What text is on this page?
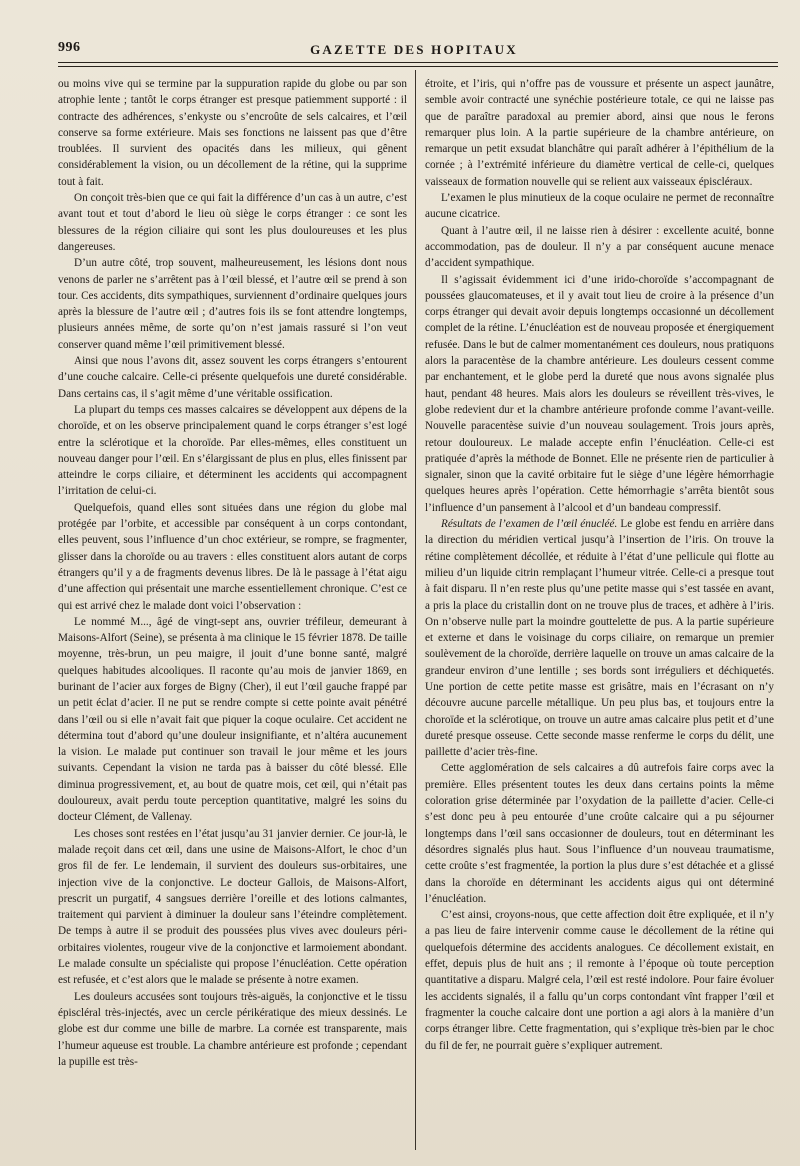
996	GAZETTE DES HOPITAUX

ou moins vive qui se termine par la suppuration rapide du globe ou par son atrophie lente ; tantôt le corps étranger est presque patiemment supporté : il contracte des adhérences, s’enkyste ou s’encroûte de sels calcaires, et l’œil conserve sa forme extérieure. Mais ses fonctions ne laissent pas que d’être troublées. Il survient des opacités dans les milieux, qui gênent considérablement la vision, ou un décollement de la rétine, qui la supprime tout à fait.

On conçoit très-bien que ce qui fait la différence d’un cas à un autre, c’est avant tout et tout d’abord le lieu où siège le corps étranger : ce sont les blessures de la région ciliaire qui sont les plus douloureuses et les plus dangereuses.

D’un autre côté, trop souvent, malheureusement, les lésions dont nous venons de parler ne s’arrêtent pas à l’œil blessé, et l’autre œil se prend à son tour. Ces accidents, dits sympathiques, surviennent d’ordinaire quelques jours après la blessure de l’autre œil ; d’autres fois ils se font attendre longtemps, plusieurs années même, de sorte qu’on n’est jamais rassuré si l’on veut conserver quand même l’œil primitivement blessé.

Ainsi que nous l’avons dit, assez souvent les corps étrangers s’entourent d’une couche calcaire. Celle-ci présente quelquefois une dureté considérable. Dans certains cas, il s’agit même d’une véritable ossification.

La plupart du temps ces masses calcaires se développent aux dépens de la choroïde, et on les observe principalement quand le corps étranger s’est logé entre la sclérotique et la choroïde. Par elles-mêmes, elles constituent un nouveau danger pour l’œil. En s’élargissant de plus en plus, elles finissent par atteindre le corps ciliaire, et déterminent les accidents qui accompagnent l’irritation de celui-ci.

Quelquefois, quand elles sont situées dans une région du globe mal protégée par l’orbite, et accessible par conséquent à un corps contondant, elles peuvent, sous l’influence d’un choc extérieur, se rompre, se fragmenter, glisser dans la choroïde ou au travers : elles constituent alors autant de corps étrangers qu’il y a de fragments devenus libres. De là le passage à l’état aigu d’une affection qui présentait une marche essentiellement chronique. C’est ce qui est arrivé chez le malade dont voici l’observation :

Le nommé M..., âgé de vingt-sept ans, ouvrier tréfileur, demeurant à Maisons-Alfort (Seine), se présenta à ma clinique le 15 février 1878. De taille moyenne, très-brun, un peu maigre, il jouit d’une bonne santé, malgré quelques habitudes alcooliques. Il raconte qu’au mois de janvier 1869, en burinant de l’acier aux forges de Bigny (Cher), il eut l’œil gauche frappé par un petit éclat d’acier. Il ne put se rendre compte si cette pointe avait pénétré dans l’œil ou si elle n’avait fait que piquer la coque oculaire. Cet accident ne détermina tout d’abord qu’une douleur insignifiante, et n’altéra aucunement la vision. Le malade put continuer son travail le jour même et les jours suivants. Cependant la vision ne tarda pas à baisser du côté blessé. Elle diminua progressivement, et, au bout de quatre mois, cet œil, qui n’était pas douloureux, avait perdu toute perception quantitative, malgré les soins du docteur Clément, de Vallenay.

Les choses sont restées en l’état jusqu’au 31 janvier dernier. Ce jour-là, le malade reçoit dans cet œil, dans une usine de Maisons-Alfort, le choc d’un gros fil de fer. Le lendemain, il survient des douleurs sus-orbitaires, une injection vive de la conjonctive. Le docteur Gallois, de Maisons-Alfort, prescrit un purgatif, 4 sangsues derrière l’oreille et des lotions calmantes, traitement qui parvient à diminuer la douleur sans l’éteindre complètement. De temps à autre il se produit des poussées plus vives avec douleurs péri-orbitaires violentes, rougeur vive de la conjonctive et larmoiement abondant. Le malade consulte un spécialiste qui propose l’énucléation. Cette opération est refusée, et c’est alors que le malade se présente à notre examen.

Les douleurs accusées sont toujours très-aiguës, la conjonctive et le tissu épiscléral très-injectés, avec un cercle périkératique des mieux dessinés. Le globe est dur comme une bille de marbre. La cornée est transparente, mais l’humeur aqueuse est trouble. La chambre antérieure est profonde ; cependant la pupille est très-

étroite, et l’iris, qui n’offre pas de voussure et présente un aspect jaunâtre, semble avoir contracté une synéchie postérieure totale, ce qui ne laisse pas que de paraître paradoxal au premier abord, ainsi que nous le ferons remarquer plus loin. A la partie supérieure de la chambre antérieure, on remarque un petit exsudat blanchâtre qui paraît adhérer à l’épithélium de la cornée ; à l’extrémité inférieure du diamètre vertical de celle-ci, quelques vaisseaux de formation nouvelle qui se relient aux vaisseaux épiscléraux.

L’examen le plus minutieux de la coque oculaire ne permet de reconnaître aucune cicatrice.

Quant à l’autre œil, il ne laisse rien à désirer : excellente acuité, bonne accommodation, pas de douleur. Il n’y a par conséquent aucune menace d’accident sympathique.

Il s’agissait évidemment ici d’une irido-choroïde s’accompagnant de poussées glaucomateuses, et il y avait tout lieu de croire à la présence d’un corps étranger qui devait avoir depuis longtemps occasionné un décollement complet de la rétine. L’énucléation est de nouveau proposée et énergiquement refusée. Dans le but de calmer momentanément ces douleurs, nous pratiquons alors la paracentèse de la chambre antérieure. Les douleurs cessent comme par enchantement, et le globe perd la dureté que nous avons signalée plus haut, pendant 48 heures. Mais alors les douleurs se réveillent très-vives, le globe redevient dur et la chambre antérieure profonde comme l’avant-veille. Nouvelle paracentèse suivie d’un nouveau soulagement. Trois jours après, retour douloureux. Le malade accepte enfin l’énucléation. Celle-ci est pratiquée d’après la méthode de Bonnet. Elle ne présente rien de particulier à signaler, sinon que la cavité orbitaire fut le siège d’une légère hémorrhagie quelques heures après l’opération. Cette hémorrhagie s’arrêta bientôt sous l’influence d’un pansement à l’alcool et d’un bandeau compressif.

Résultats de l’examen de l’œil énucléé. Le globe est fendu en arrière dans la direction du méridien vertical jusqu’à l’insertion de l’iris. On trouve la rétine complètement décollée, et réduite à l’état d’une pellicule qui flotte au milieu d’un liquide citrin remplaçant l’humeur vitrée. Celle-ci a presque tout à fait disparu. Il n’en reste plus qu’une petite masse qui s’est tassée en avant, a pris la place du cristallin dont on ne trouve plus de traces, et adhère à l’iris. On n’observe nulle part la moindre gouttelette de pus. A la partie supérieure et externe et dans le voisinage du corps ciliaire, on remarque un premier soulèvement de la choroïde, derrière laquelle on trouve un amas calcaire de la grandeur environ d’une lentille ; ses bords sont irréguliers et déchiquetés. Une portion de cette petite masse est grisâtre, mais en l’écrasant on n’y découvre aucune parcelle métallique. Un peu plus bas, et toujours entre la choroïde et la sclérotique, on trouve un autre amas calcaire plus petit et d’une dureté presque osseuse. Cette seconde masse renferme le corps du délit, une paillette d’acier très-fine.

Cette agglomération de sels calcaires a dû autrefois faire corps avec la première. Elles présentent toutes les deux dans certains points la même coloration grise déterminée par l’oxydation de la paillette d’acier. Celle-ci s’est donc peu à peu entourée d’une croûte calcaire qui a pu séjourner longtemps dans l’œil sans occasionner de douleurs, tout en déterminant les désordres signalés plus haut. Sous l’influence d’un nouveau traumatisme, cette croûte s’est fragmentée, la portion la plus dure s’est détachée et a glissé dans la choroïde en déterminant les accidents aigus qui ont déterminé l’énucléation.

C’est ainsi, croyons-nous, que cette affection doit être expliquée, et il n’y a pas lieu de faire intervenir comme cause le décollement de la rétine qui quelquefois détermine des accidents analogues. Ce décollement existait, en effet, depuis plus de huit ans ; il remonte à l’époque où toute perception quantitative a disparu. Malgré cela, l’œil est resté indolore. Pour faire évoluer les accidents signalés, il a fallu qu’un corps contondant vînt frapper l’œil et fragmenter la couche calcaire dont une portion a agi alors à la manière d’un corps étranger libre. Cette fragmentation, qui s’explique très-bien par le choc du fil de fer, ne pourrait guère s’expliquer autrement.
